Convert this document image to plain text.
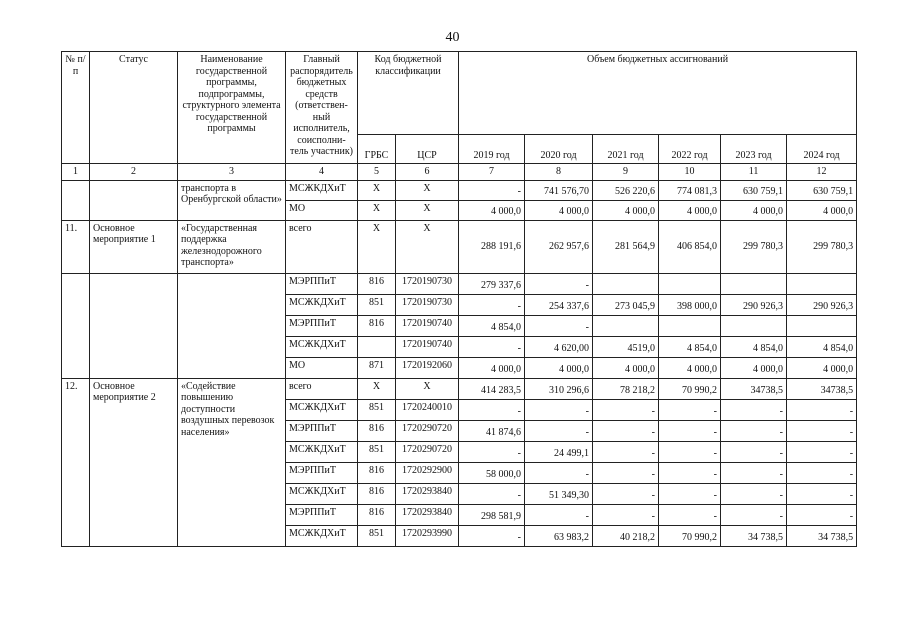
40
№ п/п	Статус	Наименование государственной программы, подпрограммы, структурного элемента государственной программы	Главный распорядитель бюджетных средств (ответствен-ный исполнитель, соисполни-тель участник)	Код бюджетной классификации		Объем бюджетных ассигнований					
				ГРБС	ЦСР	2019 год	2020 год	2021 год	2022 год	2023 год	2024 год
1	2	3	4	5	6	7	8	9	10	11	12
		транспорта в Оренбургской области»	МСЖКДХиТ	Х	Х	-	741 576,70	526 220,6	774 081,3	630 759,1	630 759,1
			МО	Х	Х	4 000,0	4 000,0	4 000,0	4 000,0	4 000,0	4 000,0
11.	Основное мероприятие 1	«Государственная поддержка железнодорожного транспорта»	всего	Х	Х	288 191,6	262 957,6	281 564,9	406 854,0	299 780,3	299 780,3
			МЭРППиТ	816	1720190730	279 337,6	-				
			МСЖКДХиТ	851	1720190730	-	254 337,6	273 045,9	398 000,0	290 926,3	290 926,3
			МЭРППиТ	816	1720190740	4 854,0	-				
			МСЖКДХиТ		1720190740	-	4 620,00	4519,0	4 854,0	4 854,0	4 854,0
			МО	871	1720192060	4 000,0	4 000,0	4 000,0	4 000,0	4 000,0	4 000,0
12.	Основное мероприятие 2	«Содействие повышению доступности воздушных перевозок населения»	всего	Х	Х	414 283,5	310 296,6	78 218,2	70 990,2	34738,5	34738,5
			МСЖКДХиТ	851	1720240010	-	-	-	-	-	-
			МЭРППиТ	816	1720290720	41 874,6	-	-	-	-	-
			МСЖКДХиТ	851	1720290720	-	24 499,1	-	-	-	-
			МЭРППиТ	816	1720292900	58 000,0	-	-	-	-	-
			МСЖКДХиТ	816	1720293840	-	51 349,30	-	-	-	-
			МЭРППиТ	816	1720293840	298 581,9	-	-	-	-	-
			МСЖКДХиТ	851	1720293990	-	63 983,2	40 218,2	70 990,2	34 738,5	34 738,5
